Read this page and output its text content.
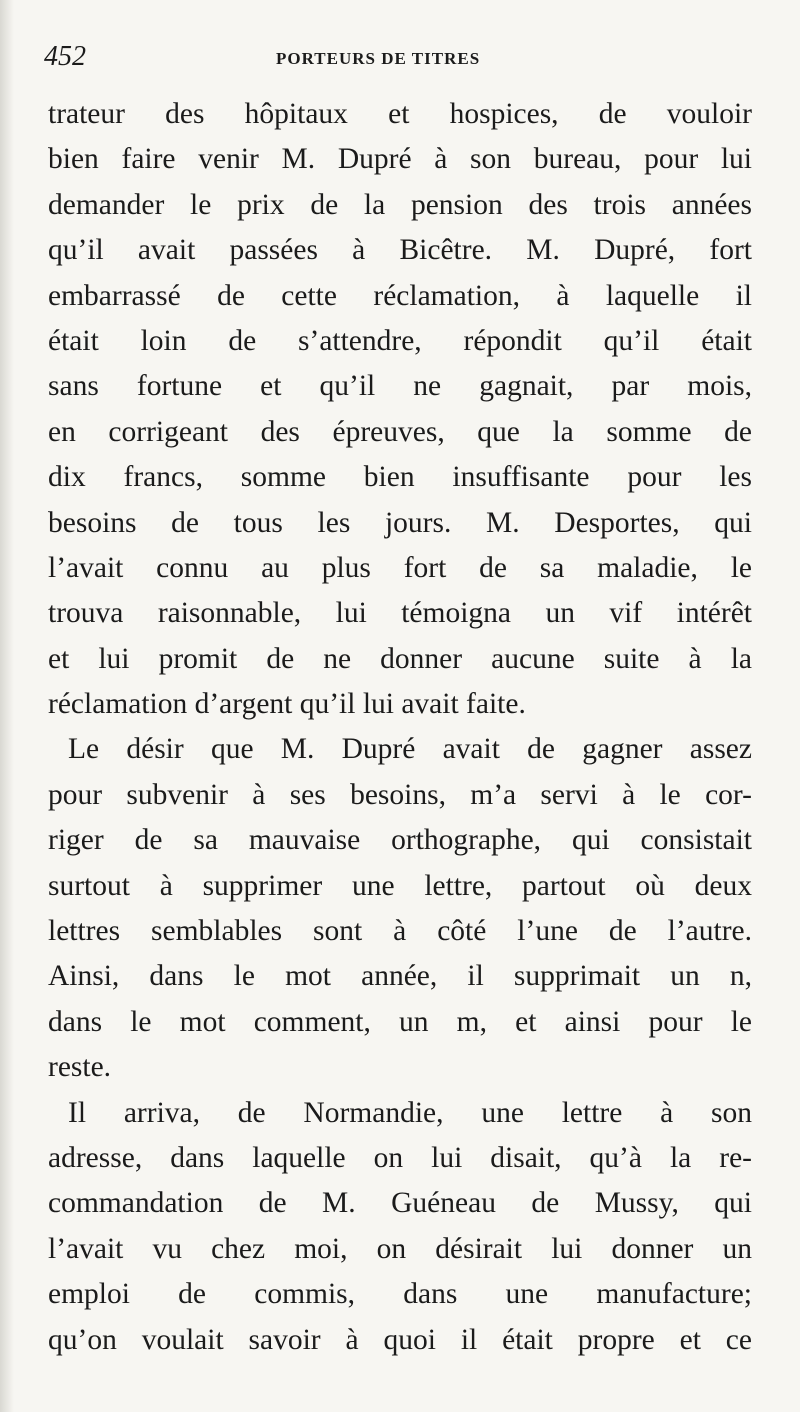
452	PORTEURS DE TITRES
trateur des hôpitaux et hospices, de vouloir
bien faire venir M. Dupré à son bureau, pour lui
demander le prix de la pension des trois années
qu’il avait passées à Bicêtre. M. Dupré, fort
embarrassé de cette réclamation, à laquelle il
était loin de s’attendre, répondit qu’il était
sans fortune et qu’il ne gagnait, par mois,
en corrigeant des épreuves, que la somme de
dix francs, somme bien insuffisante pour les
besoins de tous les jours. M. Desportes, qui
l’avait connu au plus fort de sa maladie, le
trouva raisonnable, lui témoigna un vif intérêt
et lui promit de ne donner aucune suite à la
réclamation d’argent qu’il lui avait faite.
Le désir que M. Dupré avait de gagner assez
pour subvenir à ses besoins, m’a servi à le cor-
riger de sa mauvaise orthographe, qui consistait
surtout à supprimer une lettre, partout où deux
lettres semblables sont à côté l’une de l’autre.
Ainsi, dans le mot année, il supprimait un n,
dans le mot comment, un m, et ainsi pour le
reste.
Il arriva, de Normandie, une lettre à son
adresse, dans laquelle on lui disait, qu’à la re-
commandation de M. Guéneau de Mussy, qui
l’avait vu chez moi, on désirait lui donner un
emploi de commis, dans une manufacture;
qu’on voulait savoir à quoi il était propre et ce
